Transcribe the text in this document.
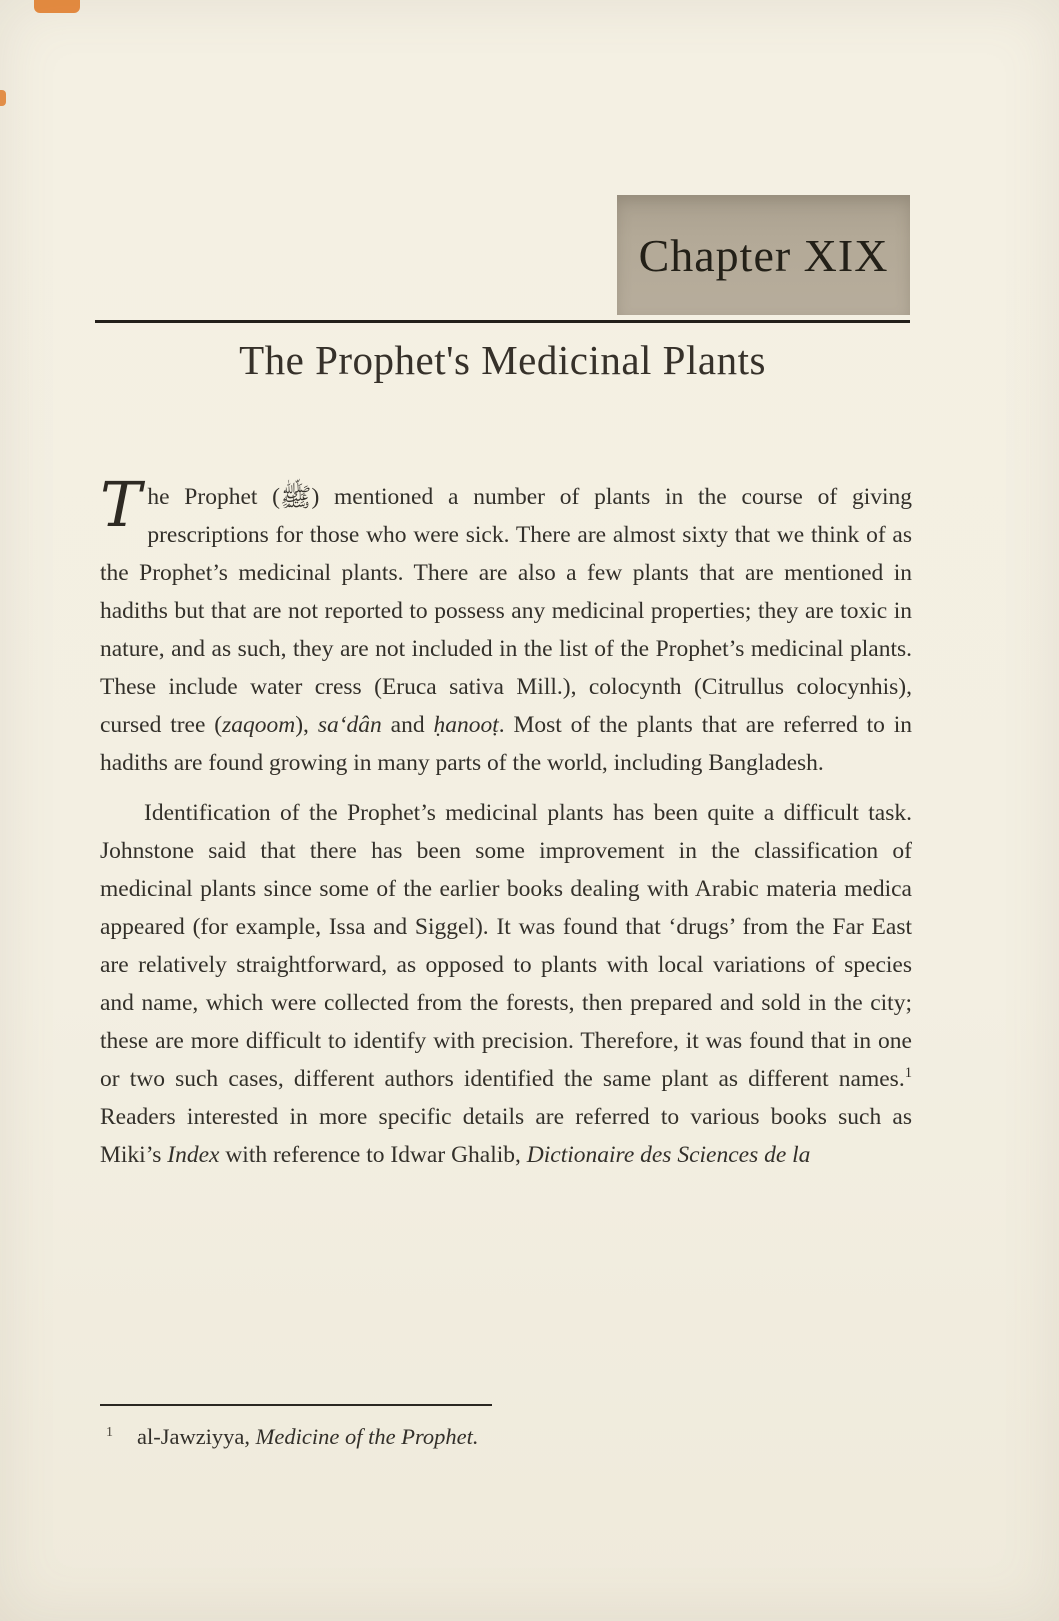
Chapter XIX
The Prophet's Medicinal Plants

The Prophet (ﷺ) mentioned a number of plants in the course of giving prescriptions for those who were sick. There are almost sixty that we think of as the Prophet’s medicinal plants. There are also a few plants that are mentioned in hadiths but that are not reported to possess any medicinal properties; they are toxic in nature, and as such, they are not included in the list of the Prophet’s medicinal plants. These include water cress (Eruca sativa Mill.), colocynth (Citrullus colocynhis), cursed tree (zaqoom), sa‘dân and ḥanooṭ. Most of the plants that are referred to in hadiths are found growing in many parts of the world, including Bangladesh.

Identification of the Prophet’s medicinal plants has been quite a difficult task. Johnstone said that there has been some improvement in the classification of medicinal plants since some of the earlier books dealing with Arabic materia medica appeared (for example, Issa and Siggel). It was found that ‘drugs’ from the Far East are relatively straightforward, as opposed to plants with local variations of species and name, which were collected from the forests, then prepared and sold in the city; these are more difficult to identify with precision. Therefore, it was found that in one or two such cases, different authors identified the same plant as different names.$^1$ Readers interested in more specific details are referred to various books such as Miki’s Index with reference to Idwar Ghalib, Dictionaire des Sciences de la

$^1$ al-Jawziyya, Medicine of the Prophet.
